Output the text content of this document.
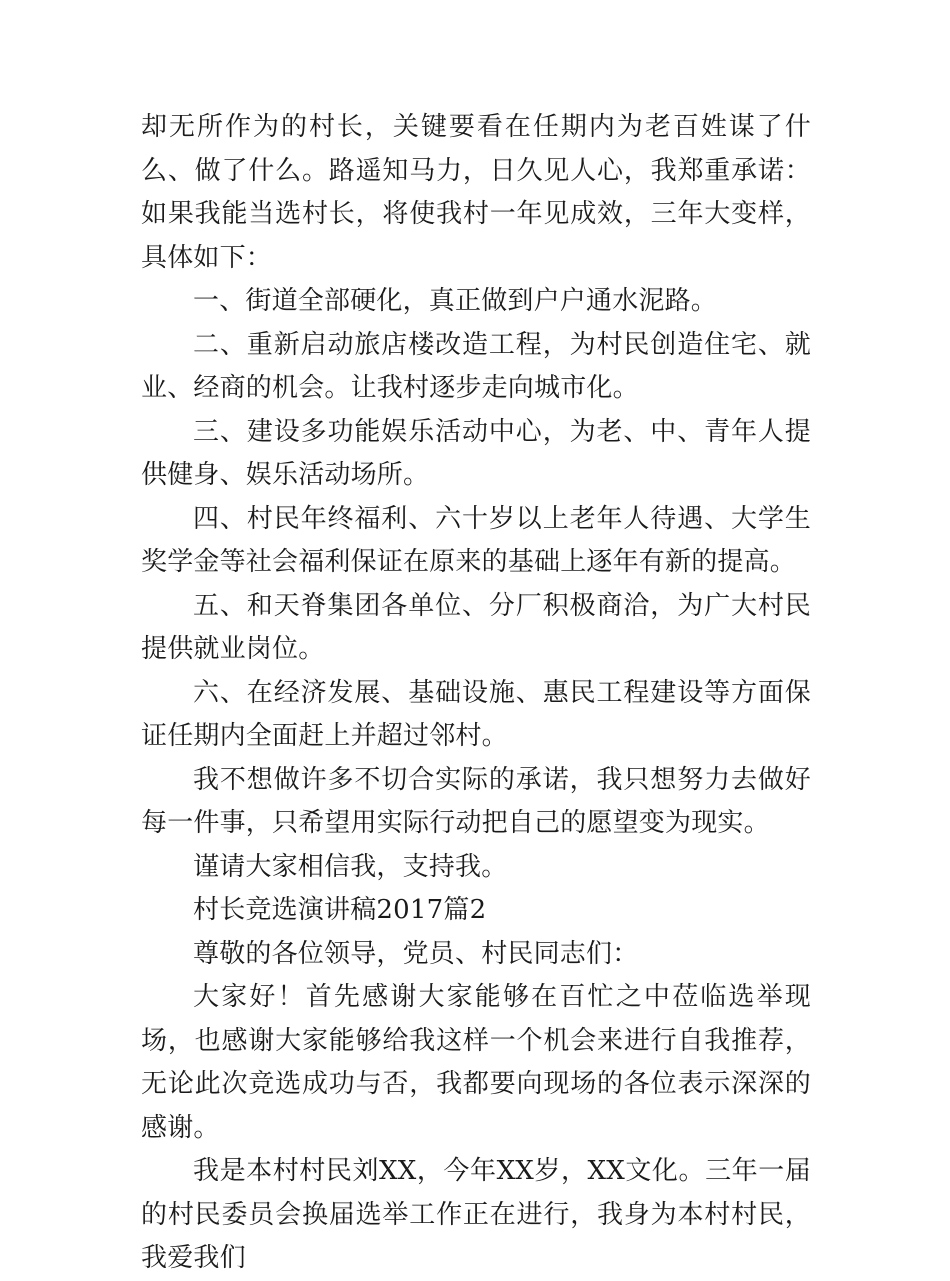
却无所作为的村长，关键要看在任期内为老百姓谋了什么、做了什么。路遥知马力，日久见人心，我郑重承诺：如果我能当选村长，将使我村一年见成效，三年大变样，具体如下：

一、街道全部硬化，真正做到户户通水泥路。

二、重新启动旅店楼改造工程，为村民创造住宅、就业、经商的机会。让我村逐步走向城市化。

三、建设多功能娱乐活动中心，为老、中、青年人提供健身、娱乐活动场所。

四、村民年终福利、六十岁以上老年人待遇、大学生奖学金等社会福利保证在原来的基础上逐年有新的提高。

五、和天脊集团各单位、分厂积极商洽，为广大村民提供就业岗位。

六、在经济发展、基础设施、惠民工程建设等方面保证任期内全面赶上并超过邻村。

我不想做许多不切合实际的承诺，我只想努力去做好每一件事，只希望用实际行动把自己的愿望变为现实。

谨请大家相信我，支持我。

村长竞选演讲稿2017篇2

尊敬的各位领导，党员、村民同志们：

大家好！首先感谢大家能够在百忙之中莅临选举现场，也感谢大家能够给我这样一个机会来进行自我推荐，无论此次竞选成功与否，我都要向现场的各位表示深深的感谢。

我是本村村民刘XX，今年XX岁，XX文化。三年一届的村民委员会换届选举工作正在进行，我身为本村村民，我爱我们
